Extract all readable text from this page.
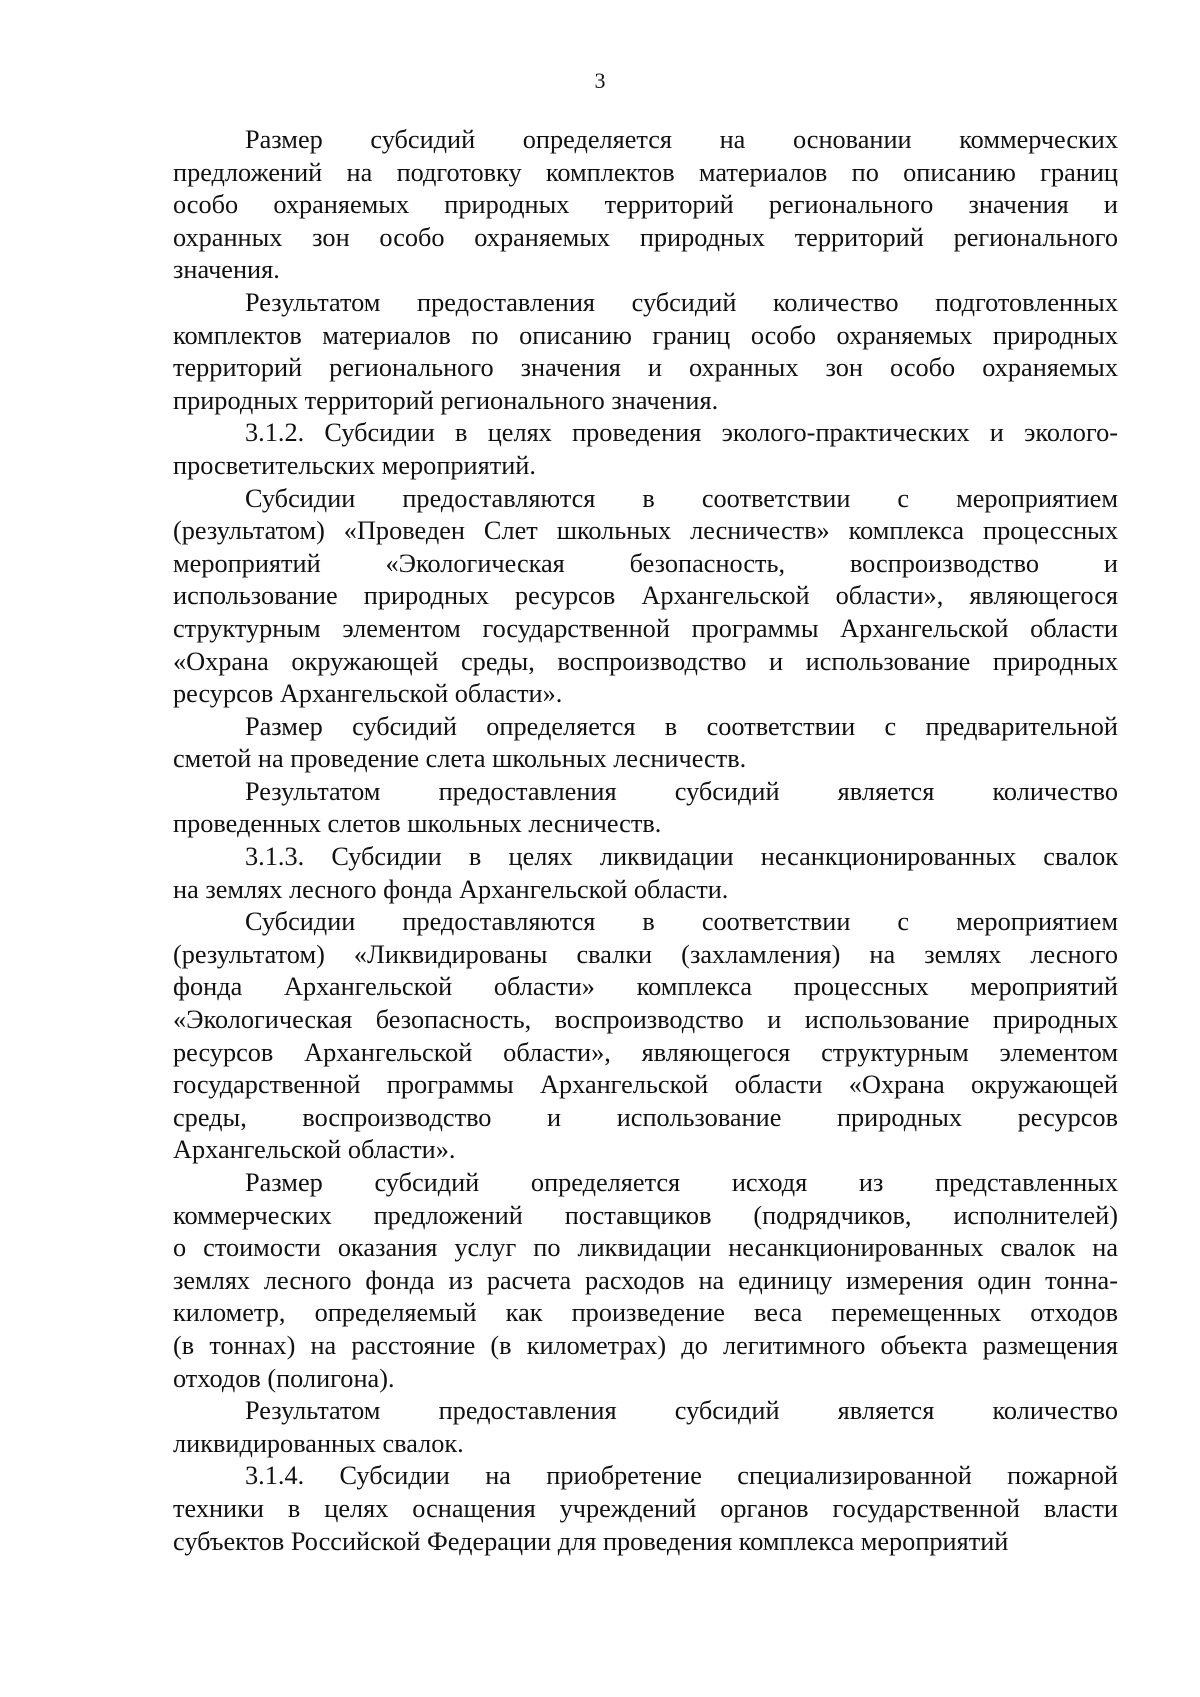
3

Размер субсидий определяется на основании коммерческих
предложений на подготовку комплектов материалов по описанию границ
особо охраняемых природных территорий регионального значения и
охранных зон особо охраняемых природных территорий регионального
значения.

Результатом предоставления субсидий количество подготовленных
комплектов материалов по описанию границ особо охраняемых природных
территорий регионального значения и охранных зон особо охраняемых
природных территорий регионального значения.

3.1.2. Субсидии в целях проведения эколого-практических и эколого-
просветительских мероприятий.

Субсидии предоставляются в соответствии с мероприятием
(результатом) «Проведен Слет школьных лесничеств» комплекса процессных
мероприятий «Экологическая безопасность, воспроизводство и
использование природных ресурсов Архангельской области», являющегося
структурным элементом государственной программы Архангельской области
«Охрана окружающей среды, воспроизводство и использование природных
ресурсов Архангельской области».

Размер субсидий определяется в соответствии с предварительной
сметой на проведение слета школьных лесничеств.

Результатом предоставления субсидий является количество
проведенных слетов школьных лесничеств.

3.1.3. Субсидии в целях ликвидации несанкционированных свалок
на землях лесного фонда Архангельской области.

Субсидии предоставляются в соответствии с мероприятием
(результатом) «Ликвидированы свалки (захламления) на землях лесного
фонда Архангельской области» комплекса процессных мероприятий
«Экологическая безопасность, воспроизводство и использование природных
ресурсов Архангельской области», являющегося структурным элементом
государственной программы Архангельской области «Охрана окружающей
среды, воспроизводство и использование природных ресурсов
Архангельской области».

Размер субсидий определяется исходя из представленных
коммерческих предложений поставщиков (подрядчиков, исполнителей)
о стоимости оказания услуг по ликвидации несанкционированных свалок на
землях лесного фонда из расчета расходов на единицу измерения один тонна-
километр, определяемый как произведение веса перемещенных отходов
(в тоннах) на расстояние (в километрах) до легитимного объекта размещения
отходов (полигона).

Результатом предоставления субсидий является количество
ликвидированных свалок.

3.1.4. Субсидии на приобретение специализированной пожарной
техники в целях оснащения учреждений органов государственной власти
субъектов Российской Федерации для проведения комплекса мероприятий
